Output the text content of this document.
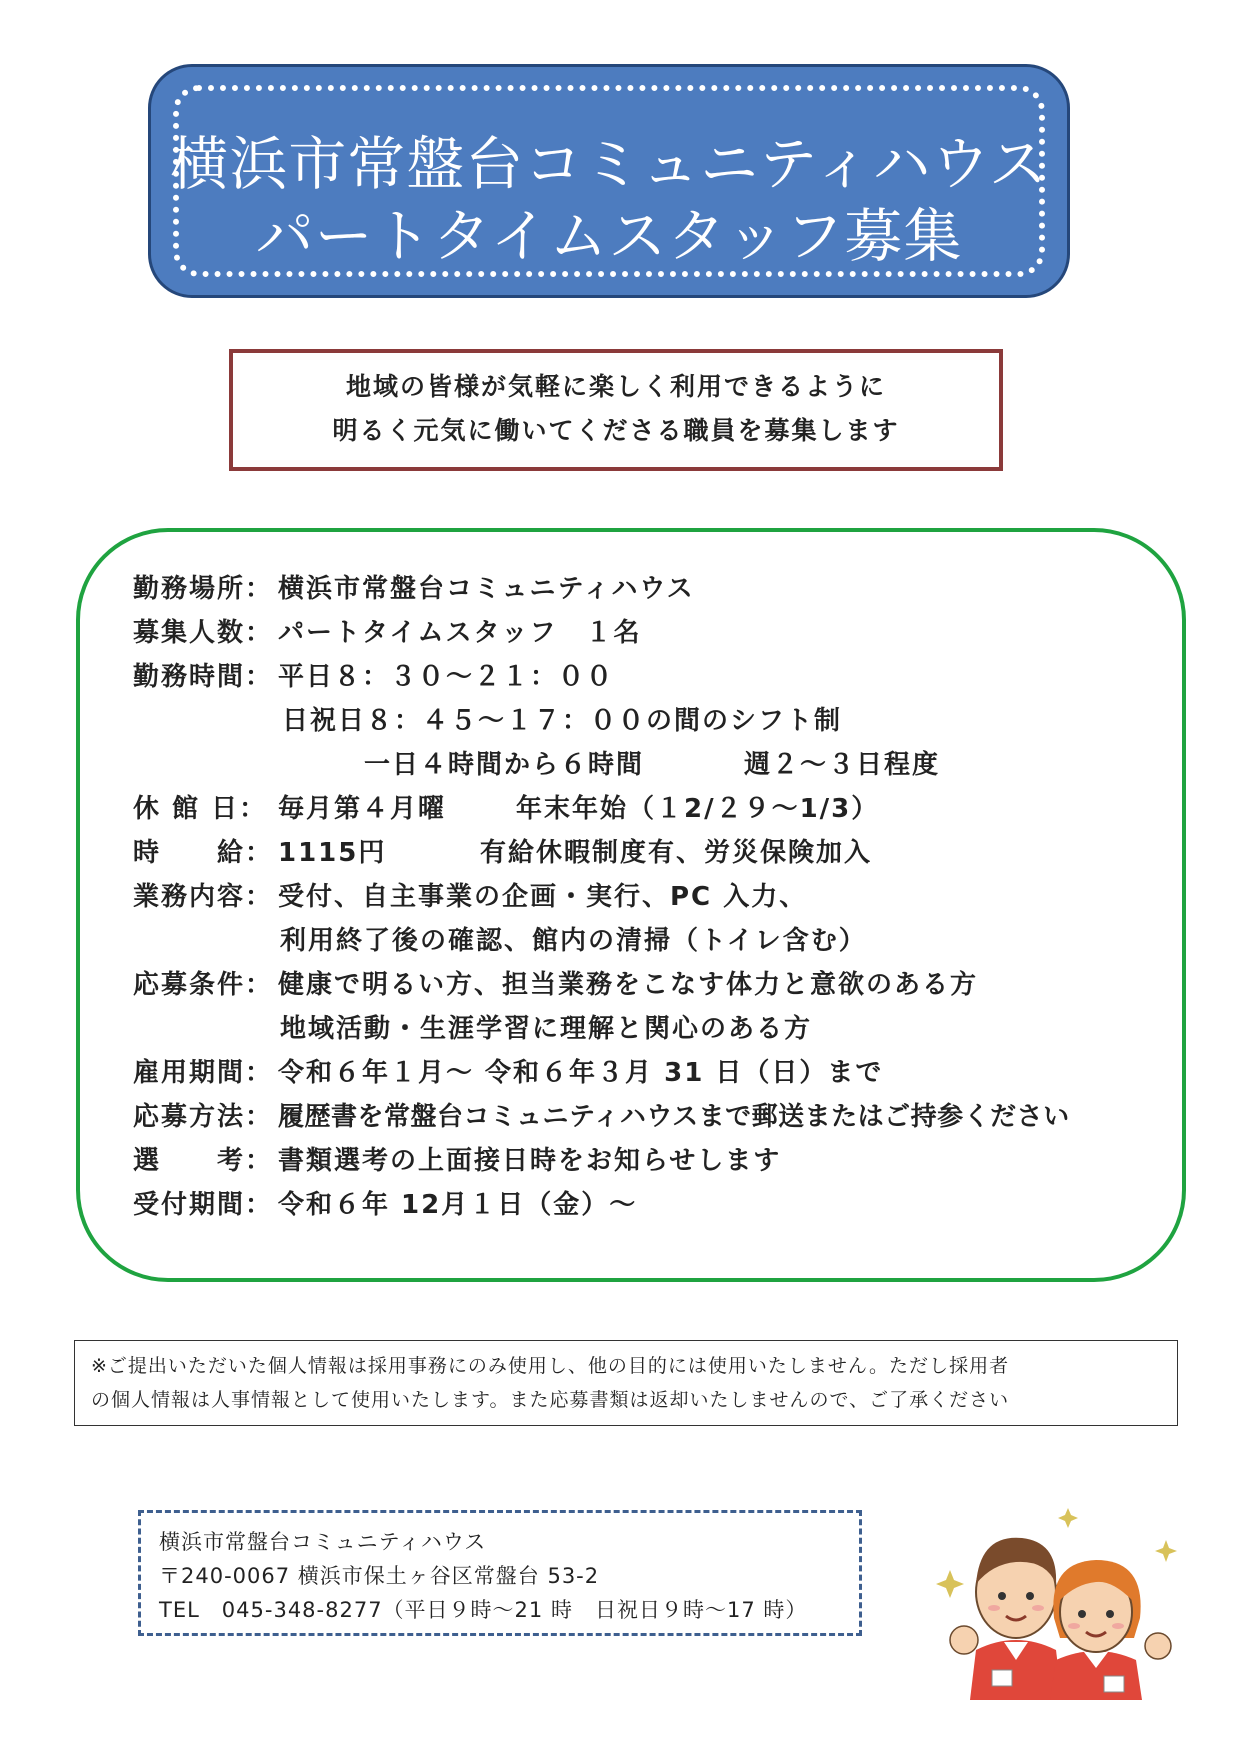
横浜市常盤台コミュニティハウス
パートタイムスタッフ募集
地域の皆様が気軽に楽しく利用できるように
明るく元気に働いてくださる職員を募集します
勤務場所： 横浜市常盤台コミュニティハウス
募集人数： パートタイムスタッフ　１名
勤務時間： 平日８：３０～２１：００
日祝日８：４５～１７：００の間のシフト制
一日４時間から６時間	週２～３日程度
休 館 日： 毎月第４月曜	年末年始（１2/２９～1/3）
時　　給： 1115円	有給休暇制度有、労災保険加入
業務内容： 受付、自主事業の企画・実行、PC 入力、
利用終了後の確認、館内の清掃（トイレ含む）
応募条件： 健康で明るい方、担当業務をこなす体力と意欲のある方
地域活動・生涯学習に理解と関心のある方
雇用期間： 令和６年１月～ 令和６年３月 31 日（日）まで
応募方法： 履歴書を常盤台コミュニティハウスまで郵送またはご持参ください
選　　考： 書類選考の上面接日時をお知らせします
受付期間： 令和６年 12月１日（金）～
※ご提出いただいた個人情報は採用事務にのみ使用し、他の目的には使用いたしません。ただし採用者
の個人情報は人事情報として使用いたします。また応募書類は返却いたしませんので、ご了承ください
横浜市常盤台コミュニティハウス
〒240-0067 横浜市保土ヶ谷区常盤台 53-2
TEL　045-348-8277（平日９時～21 時　日祝日９時～17 時）
